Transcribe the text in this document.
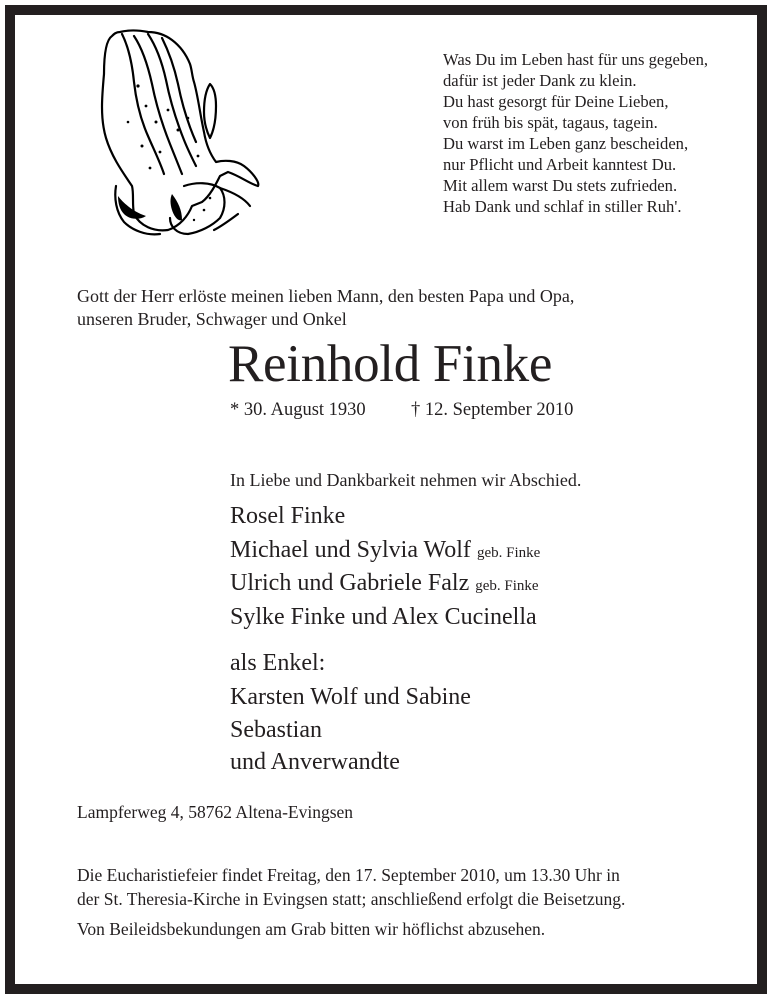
Was Du im Leben hast für uns gegeben,
dafür ist jeder Dank zu klein.
Du hast gesorgt für Deine Lieben,
von früh bis spät, tagaus, tagein.
Du warst im Leben ganz bescheiden,
nur Pflicht und Arbeit kanntest Du.
Mit allem warst Du stets zufrieden.
Hab Dank und schlaf in stiller Ruh'.
Gott der Herr erlöste meinen lieben Mann, den besten Papa und Opa,
unseren Bruder, Schwager und Onkel
Reinhold Finke
* 30. August 1930 † 12. September 2010
In Liebe und Dankbarkeit nehmen wir Abschied.
Rosel Finke
Michael und Sylvia Wolf geb. Finke
Ulrich und Gabriele Falz geb. Finke
Sylke Finke und Alex Cucinella
als Enkel:
Karsten Wolf und Sabine
Sebastian
und Anverwandte
Lampferweg 4, 58762 Altena-Evingsen
Die Eucharistiefeier findet Freitag, den 17. September 2010, um 13.30 Uhr in
der St. Theresia-Kirche in Evingsen statt; anschließend erfolgt die Beisetzung.
Von Beileidsbekundungen am Grab bitten wir höflichst abzusehen.
